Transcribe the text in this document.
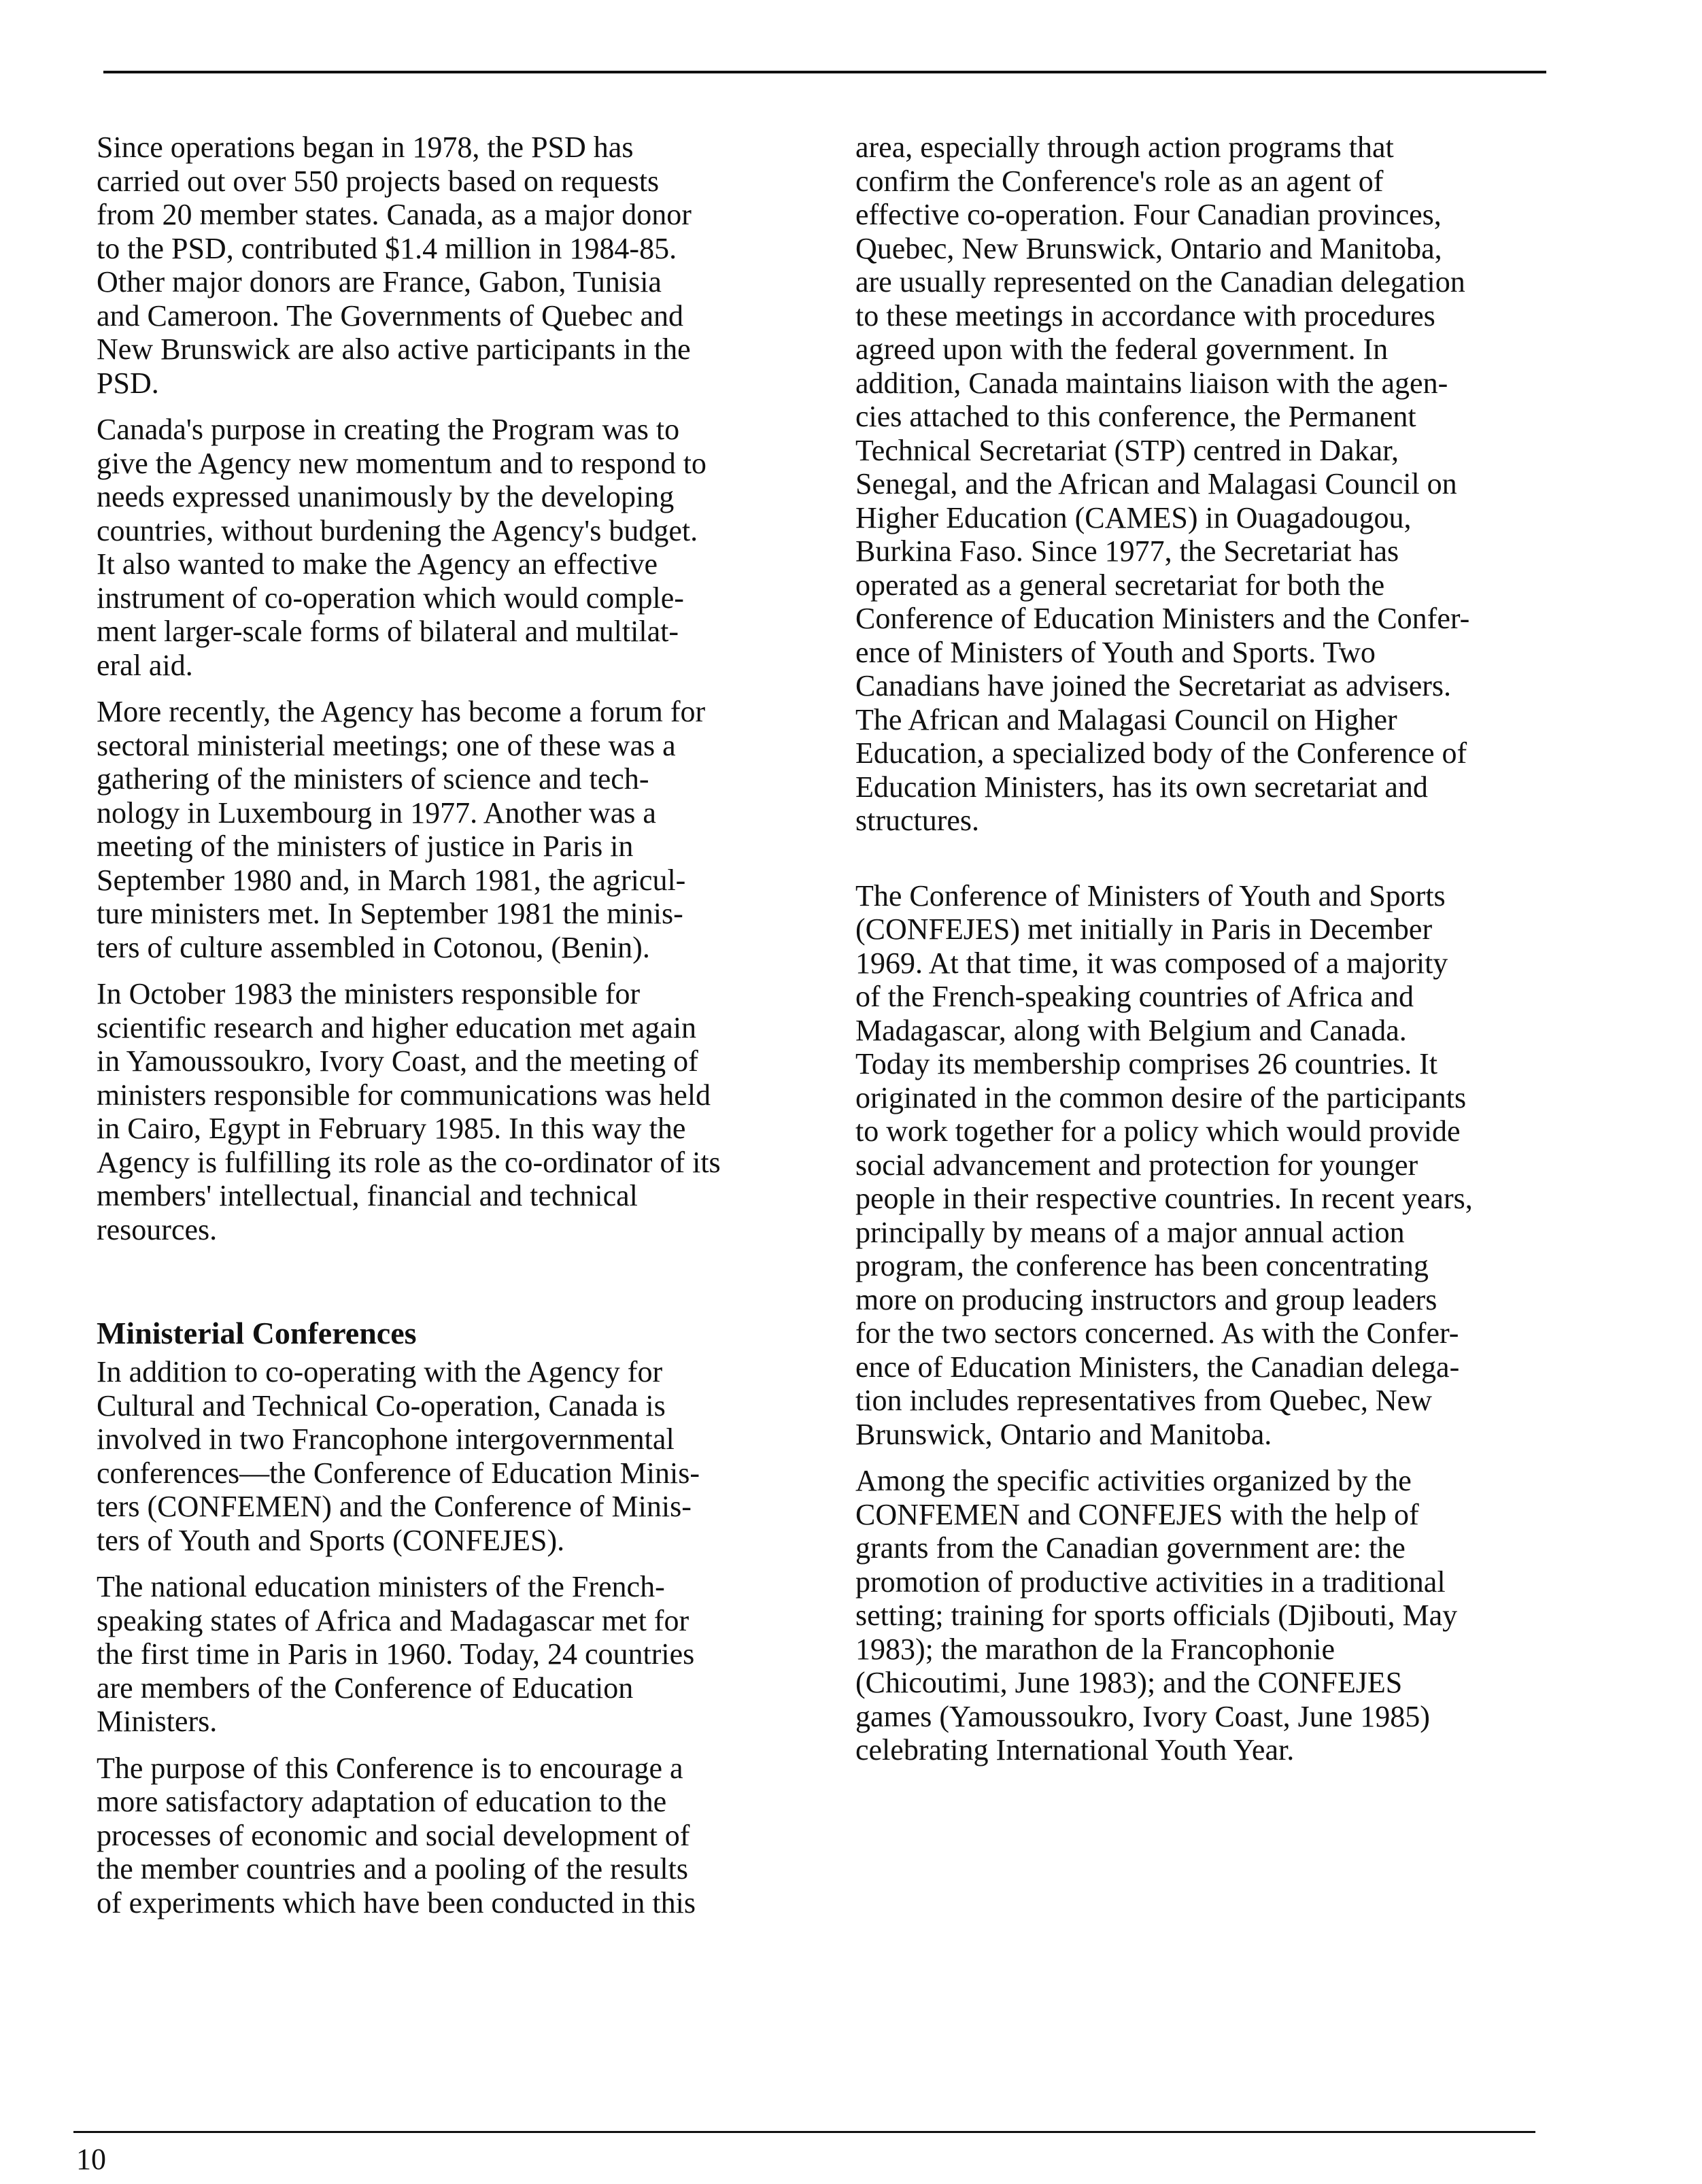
Since operations began in 1978, the PSD has
carried out over 550 projects based on requests
from 20 member states. Canada, as a major donor
to the PSD, contributed $1.4 million in 1984-85.
Other major donors are France, Gabon, Tunisia
and Cameroon. The Governments of Quebec and
New Brunswick are also active participants in the
PSD.

Canada's purpose in creating the Program was to
give the Agency new momentum and to respond to
needs expressed unanimously by the developing
countries, without burdening the Agency's budget.
It also wanted to make the Agency an effective
instrument of co-operation which would comple-
ment larger-scale forms of bilateral and multilat-
eral aid.

More recently, the Agency has become a forum for
sectoral ministerial meetings; one of these was a
gathering of the ministers of science and tech-
nology in Luxembourg in 1977. Another was a
meeting of the ministers of justice in Paris in
September 1980 and, in March 1981, the agricul-
ture ministers met. In September 1981 the minis-
ters of culture assembled in Cotonou, (Benin).

In October 1983 the ministers responsible for
scientific research and higher education met again
in Yamoussoukro, Ivory Coast, and the meeting of
ministers responsible for communications was held
in Cairo, Egypt in February 1985. In this way the
Agency is fulfilling its role as the co-ordinator of its
members' intellectual, financial and technical
resources.

Ministerial Conferences

In addition to co-operating with the Agency for
Cultural and Technical Co-operation, Canada is
involved in two Francophone intergovernmental
conferences—the Conference of Education Minis-
ters (CONFEMEN) and the Conference of Minis-
ters of Youth and Sports (CONFEJES).

The national education ministers of the French-
speaking states of Africa and Madagascar met for
the first time in Paris in 1960. Today, 24 countries
are members of the Conference of Education
Ministers.

The purpose of this Conference is to encourage a
more satisfactory adaptation of education to the
processes of economic and social development of
the member countries and a pooling of the results
of experiments which have been conducted in this

area, especially through action programs that
confirm the Conference's role as an agent of
effective co-operation. Four Canadian provinces,
Quebec, New Brunswick, Ontario and Manitoba,
are usually represented on the Canadian delegation
to these meetings in accordance with procedures
agreed upon with the federal government. In
addition, Canada maintains liaison with the agen-
cies attached to this conference, the Permanent
Technical Secretariat (STP) centred in Dakar,
Senegal, and the African and Malagasi Council on
Higher Education (CAMES) in Ouagadougou,
Burkina Faso. Since 1977, the Secretariat has
operated as a general secretariat for both the
Conference of Education Ministers and the Confer-
ence of Ministers of Youth and Sports. Two
Canadians have joined the Secretariat as advisers.
The African and Malagasi Council on Higher
Education, a specialized body of the Conference of
Education Ministers, has its own secretariat and
structures.

The Conference of Ministers of Youth and Sports
(CONFEJES) met initially in Paris in December
1969. At that time, it was composed of a majority
of the French-speaking countries of Africa and
Madagascar, along with Belgium and Canada.
Today its membership comprises 26 countries. It
originated in the common desire of the participants
to work together for a policy which would provide
social advancement and protection for younger
people in their respective countries. In recent years,
principally by means of a major annual action
program, the conference has been concentrating
more on producing instructors and group leaders
for the two sectors concerned. As with the Confer-
ence of Education Ministers, the Canadian delega-
tion includes representatives from Quebec, New
Brunswick, Ontario and Manitoba.

Among the specific activities organized by the
CONFEMEN and CONFEJES with the help of
grants from the Canadian government are: the
promotion of productive activities in a traditional
setting; training for sports officials (Djibouti, May
1983); the marathon de la Francophonie
(Chicoutimi, June 1983); and the CONFEJES
games (Yamoussoukro, Ivory Coast, June 1985)
celebrating International Youth Year.

10
